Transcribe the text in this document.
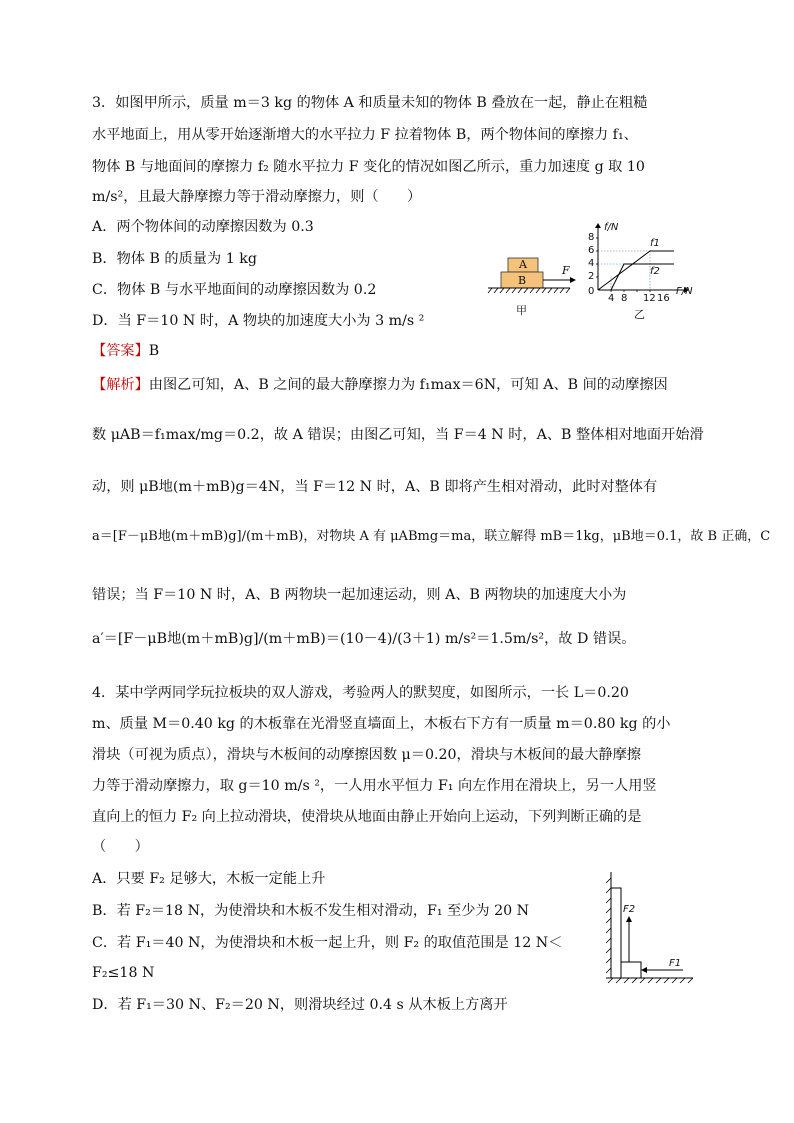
3．如图甲所示，质量 m＝3 kg 的物体 A 和质量未知的物体 B 叠放在一起，静止在粗糙
水平地面上，用从零开始逐渐增大的水平拉力 F 拉着物体 B，两个物体间的摩擦力 f₁、
物体 B 与地面间的摩擦力 f₂ 随水平拉力 F 变化的情况如图乙所示，重力加速度 g 取 10
m/s²，且最大静摩擦力等于滑动摩擦力，则（　　）
A．两个物体间的动摩擦因数为 0.3
B．物体 B 的质量为 1 kg
C．物体 B 与水平地面间的动摩擦因数为 0.2
D．当 F＝10 N 时，A 物块的加速度大小为 3 m/s ²
【答案】B
【解析】由图乙可知，A、B 之间的最大静摩擦力为 f₁max＝6N，可知 A、B 间的动摩擦因
数 μAB＝f₁max/mg＝0.2，故 A 错误；由图乙可知，当 F＝4 N 时，A、B 整体相对地面开始滑
动，则 μB地(m＋mB)g＝4N，当 F＝12 N 时，A、B 即将产生相对滑动，此时对整体有
a＝[F－μB地(m＋mB)g]/(m＋mB)，对物块 A 有 μABmg＝ma，联立解得 mB＝1kg，μB地＝0.1，故 B 正确，C
错误；当 F＝10 N 时，A、B 两物块一起加速运动，则 A、B 两物块的加速度大小为
a′＝[F－μB地(m＋mB)g]/(m＋mB)＝(10－4)/(3＋1) m/s²＝1.5m/s²，故 D 错误。
A
B
F
甲
f/N
F/N
8
6
4
2
0
4 8 12 16
f1
f2
乙
4．某中学两同学玩拉板块的双人游戏，考验两人的默契度，如图所示，一长 L＝0.20
m、质量 M＝0.40 kg 的木板靠在光滑竖直墙面上，木板右下方有一质量 m＝0.80 kg 的小
滑块（可视为质点），滑块与木板间的动摩擦因数 μ＝0.20，滑块与木板间的最大静摩擦
力等于滑动摩擦力，取 g＝10 m/s ²，一人用水平恒力 F₁ 向左作用在滑块上，另一人用竖
直向上的恒力 F₂ 向上拉动滑块，使滑块从地面由静止开始向上运动，下列判断正确的是
（　　）
A．只要 F₂ 足够大，木板一定能上升
B．若 F₂＝18 N，为使滑块和木板不发生相对滑动，F₁ 至少为 20 N
C．若 F₁＝40 N，为使滑块和木板一起上升，则 F₂ 的取值范围是 12 N＜
F₂≤18 N
D．若 F₁＝30 N、F₂＝20 N，则滑块经过 0.4 s 从木板上方离开
F2
F1
